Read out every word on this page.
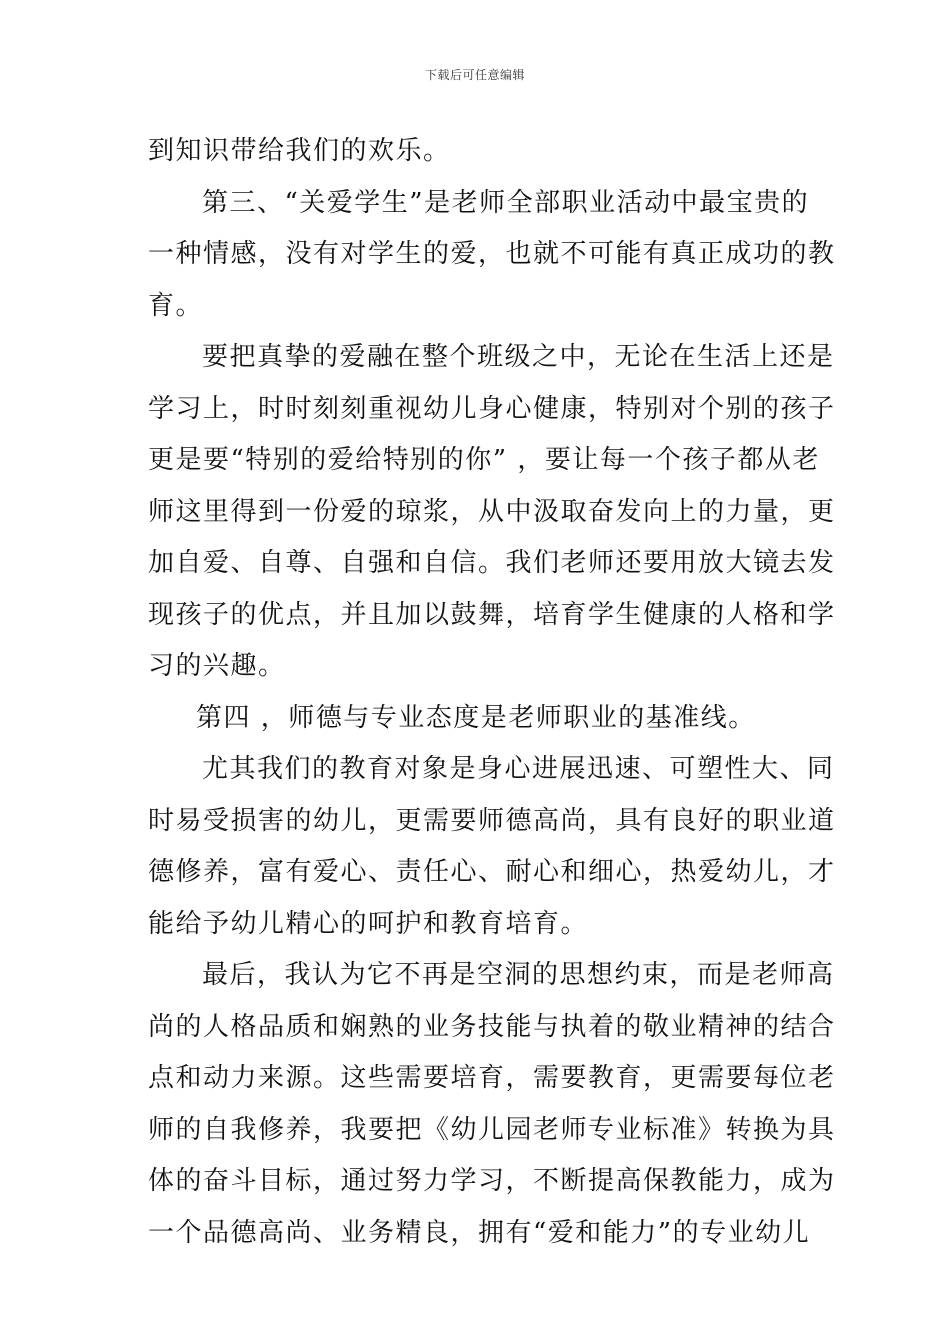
下载后可任意编辑
到知识带给我们的欢乐。
第三、“关爱学生”是老师全部职业活动中最宝贵的
一种情感，没有对学生的爱，也就不可能有真正成功的教
育。
要把真挚的爱融在整个班级之中，无论在生活上还是
学习上，时时刻刻重视幼儿身心健康，特别对个别的孩子
更是要“特别的爱给特别的你” ，要让每一个孩子都从老
师这里得到一份爱的琼浆，从中汲取奋发向上的力量，更
加自爱、自尊、自强和自信。我们老师还要用放大镜去发
现孩子的优点，并且加以鼓舞，培育学生健康的人格和学
习的兴趣。
第四 ，师德与专业态度是老师职业的基准线。
尤其我们的教育对象是身心进展迅速、可塑性大、同
时易受损害的幼儿，更需要师德高尚，具有良好的职业道
德修养，富有爱心、责任心、耐心和细心，热爱幼儿，才
能给予幼儿精心的呵护和教育培育。
最后，我认为它不再是空洞的思想约束，而是老师高
尚的人格品质和娴熟的业务技能与执着的敬业精神的结合
点和动力来源。这些需要培育，需要教育，更需要每位老
师的自我修养，我要把《幼儿园老师专业标准》转换为具
体的奋斗目标，通过努力学习，不断提高保教能力，成为
一个品德高尚、业务精良，拥有“爱和能力”的专业幼儿
